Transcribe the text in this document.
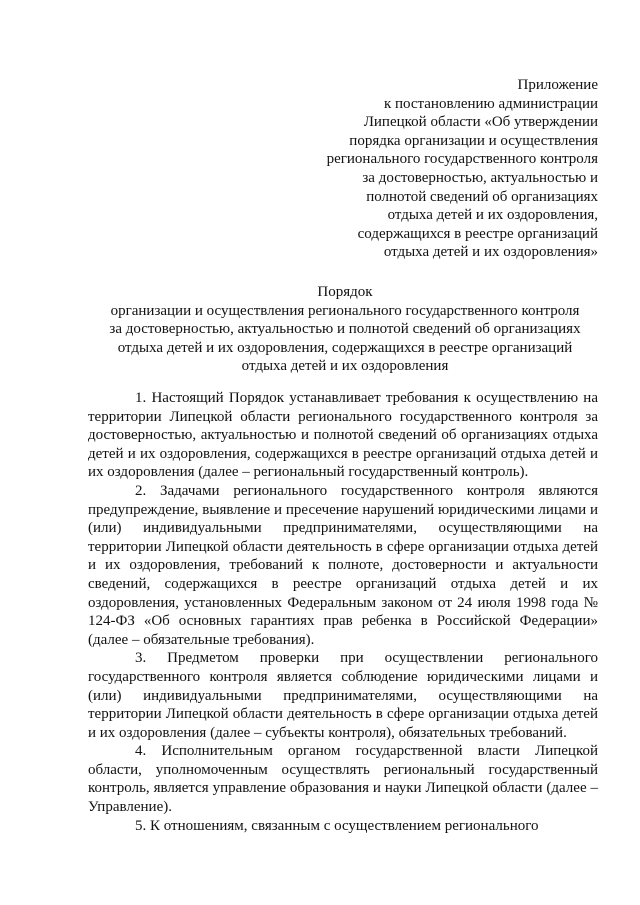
Приложение
к постановлению администрации
Липецкой области «Об утверждении
порядка организации и осуществления
регионального государственного контроля
за достоверностью, актуальностью и
полнотой сведений об организациях
отдыха детей и их оздоровления,
содержащихся в реестре организаций
отдыха детей и их оздоровления»
Порядок
организации и осуществления регионального государственного контроля
за достоверностью, актуальностью и полнотой сведений об организациях
отдыха детей и их оздоровления, содержащихся в реестре организаций
отдыха детей и их оздоровления

1. Настоящий Порядок устанавливает требования к осуществлению на территории Липецкой области регионального государственного контроля за достоверностью, актуальностью и полнотой сведений об организациях отдыха детей и их оздоровления, содержащихся в реестре организаций отдыха детей и их оздоровления (далее – региональный государственный контроль).

2. Задачами регионального государственного контроля являются предупреждение, выявление и пресечение нарушений юридическими лицами и (или) индивидуальными предпринимателями, осуществляющими на территории Липецкой области деятельность в сфере организации отдыха детей и их оздоровления, требований к полноте, достоверности и актуальности сведений, содержащихся в реестре организаций отдыха детей и их оздоровления, установленных Федеральным законом от 24 июля 1998 года № 124-ФЗ «Об основных гарантиях прав ребенка в Российской Федерации» (далее – обязательные требования).

3. Предметом проверки при осуществлении регионального государственного контроля является соблюдение юридическими лицами и (или) индивидуальными предпринимателями, осуществляющими на территории Липецкой области деятельность в сфере организации отдыха детей и их оздоровления (далее – субъекты контроля), обязательных требований.

4. Исполнительным органом государственной власти Липецкой области, уполномоченным осуществлять региональный государственный контроль, является управление образования и науки Липецкой области (далее – Управление).

5. К отношениям, связанным с осуществлением регионального
